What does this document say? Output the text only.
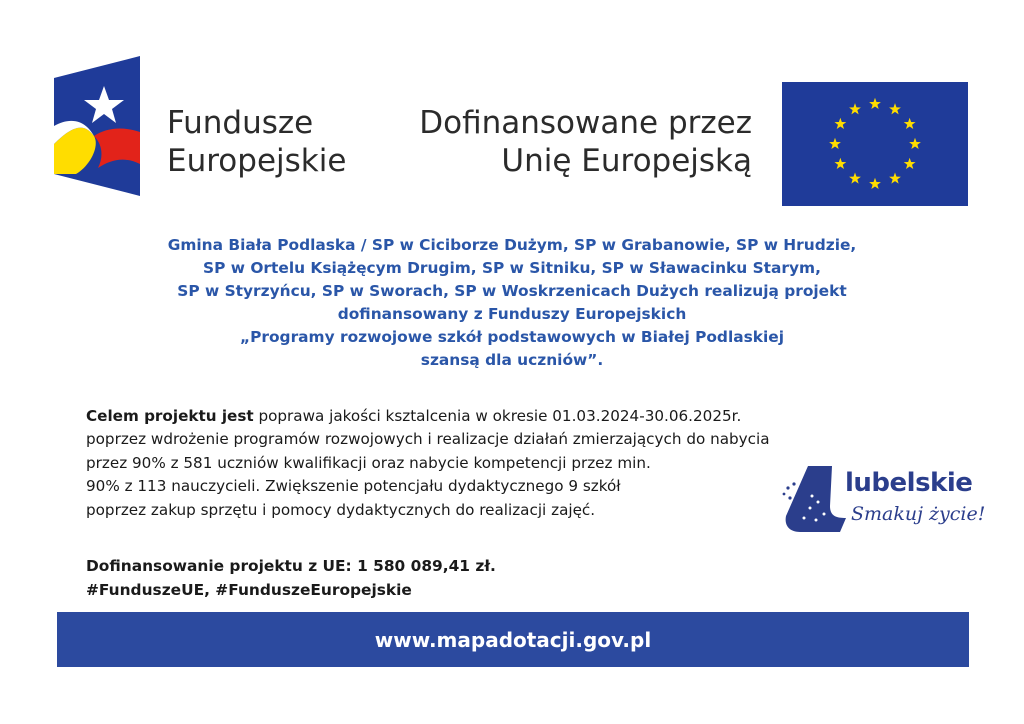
Fundusze
Europejskie
Dofinansowane przez
Unię Europejską
Gmina Biała Podlaska / SP w Ciciborze Dużym, SP w Grabanowie, SP w Hrudzie,
SP w Ortelu Książęcym Drugim, SP w Sitniku, SP w Sławacinku Starym,
SP w Styrzyńcu, SP w Sworach, SP w Woskrzenicach Dużych realizują projekt
dofinansowany z Funduszy Europejskich
„Programy rozwojowe szkół podstawowych w Białej Podlaskiej
szansą dla uczniów”.
Celem projektu jest poprawa jakości ksztalcenia w okresie 01.03.2024-30.06.2025r.
poprzez wdrożenie programów rozwojowych i realizacje działań zmierzających do nabycia
przez 90% z 581 uczniów kwalifikacji oraz nabycie kompetencji przez min.
90% z 113 nauczycieli. Zwiększenie potencjału dydaktycznego 9 szkół
poprzez zakup sprzętu i pomocy dydaktycznych do realizacji zajęć.
Dofinansowanie projektu z UE: 1 580 089,41 zł.
#FunduszeUE, #FunduszeEuropejskie
lubelskie
Smakuj życie!
www.mapadotacji.gov.pl
